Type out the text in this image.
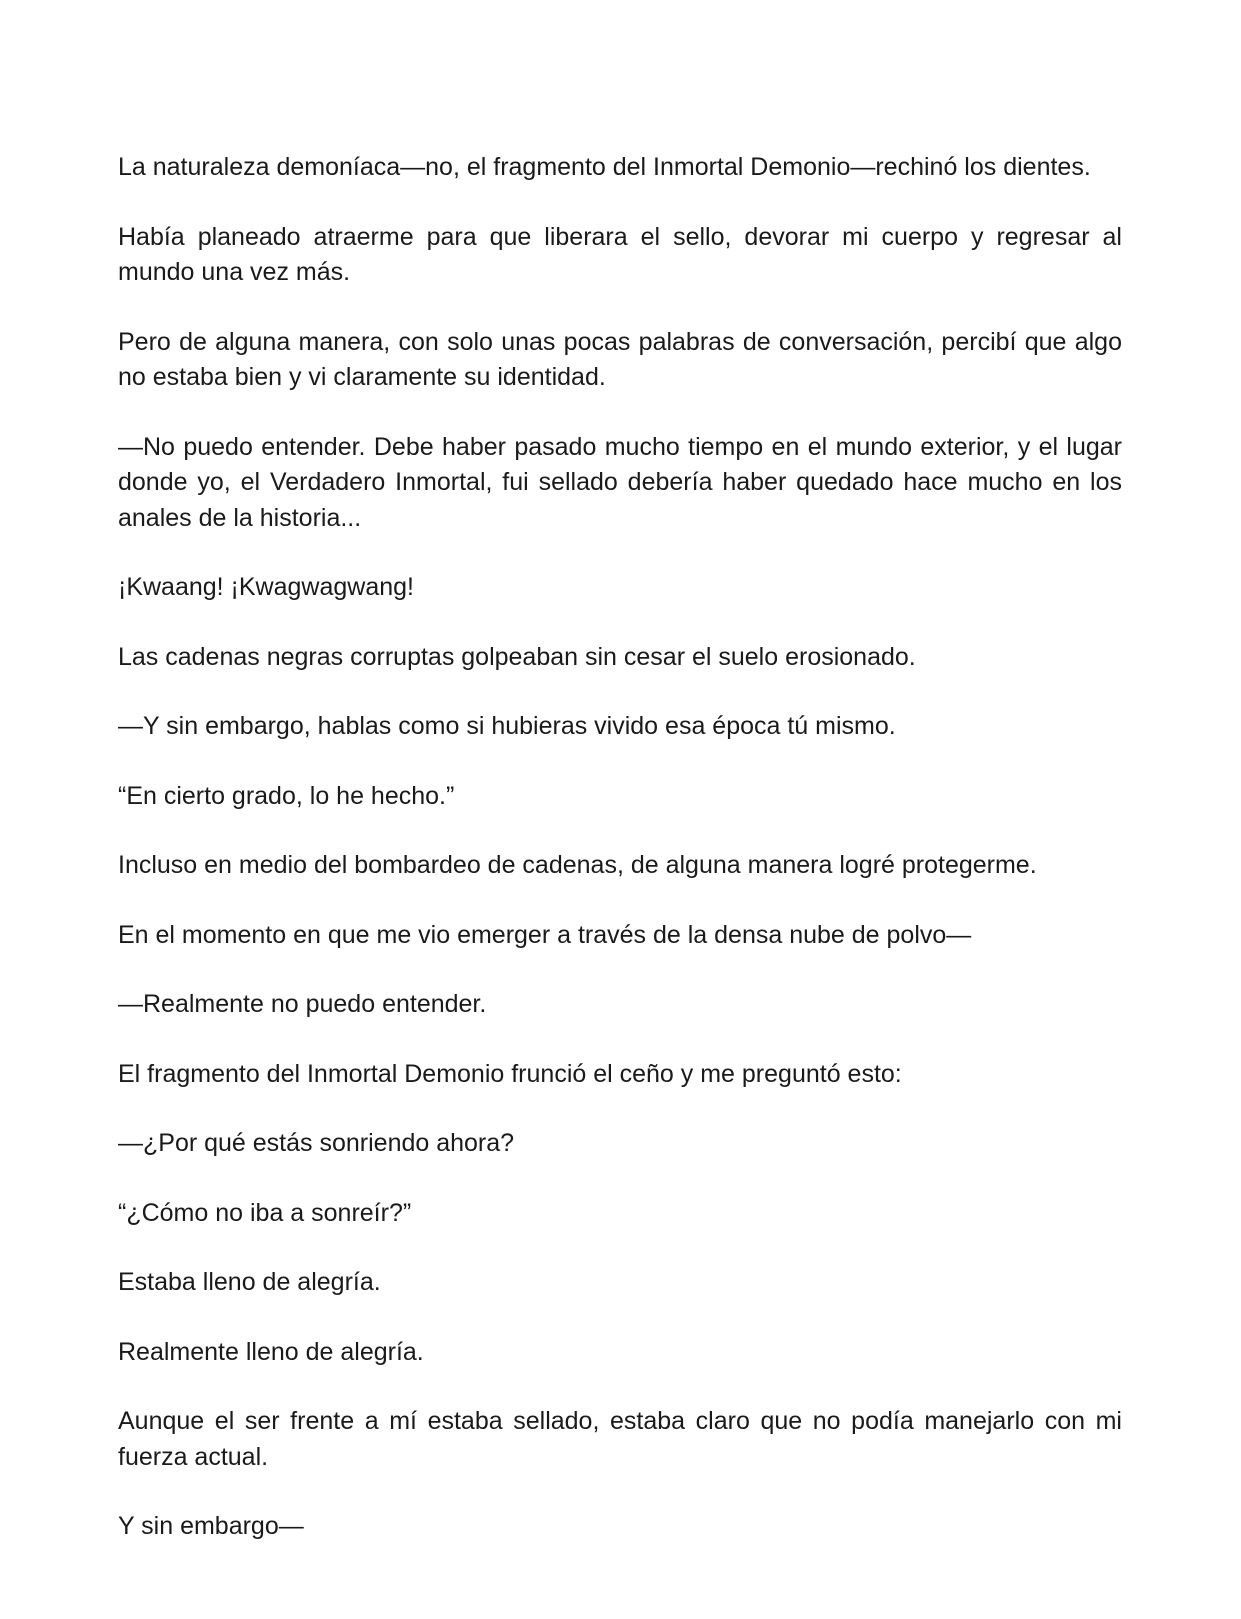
La naturaleza demoníaca—no, el fragmento del Inmortal Demonio—rechinó los dientes.

Había planeado atraerme para que liberara el sello, devorar mi cuerpo y regresar al mundo una vez más.

Pero de alguna manera, con solo unas pocas palabras de conversación, percibí que algo no estaba bien y vi claramente su identidad.

—No puedo entender. Debe haber pasado mucho tiempo en el mundo exterior, y el lugar donde yo, el Verdadero Inmortal, fui sellado debería haber quedado hace mucho en los anales de la historia...

¡Kwaang! ¡Kwagwagwang!

Las cadenas negras corruptas golpeaban sin cesar el suelo erosionado.

—Y sin embargo, hablas como si hubieras vivido esa época tú mismo.

“En cierto grado, lo he hecho.”

Incluso en medio del bombardeo de cadenas, de alguna manera logré protegerme.

En el momento en que me vio emerger a través de la densa nube de polvo—

—Realmente no puedo entender.

El fragmento del Inmortal Demonio frunció el ceño y me preguntó esto:

—¿Por qué estás sonriendo ahora?

“¿Cómo no iba a sonreír?”

Estaba lleno de alegría.

Realmente lleno de alegría.

Aunque el ser frente a mí estaba sellado, estaba claro que no podía manejarlo con mi fuerza actual.

Y sin embargo—
